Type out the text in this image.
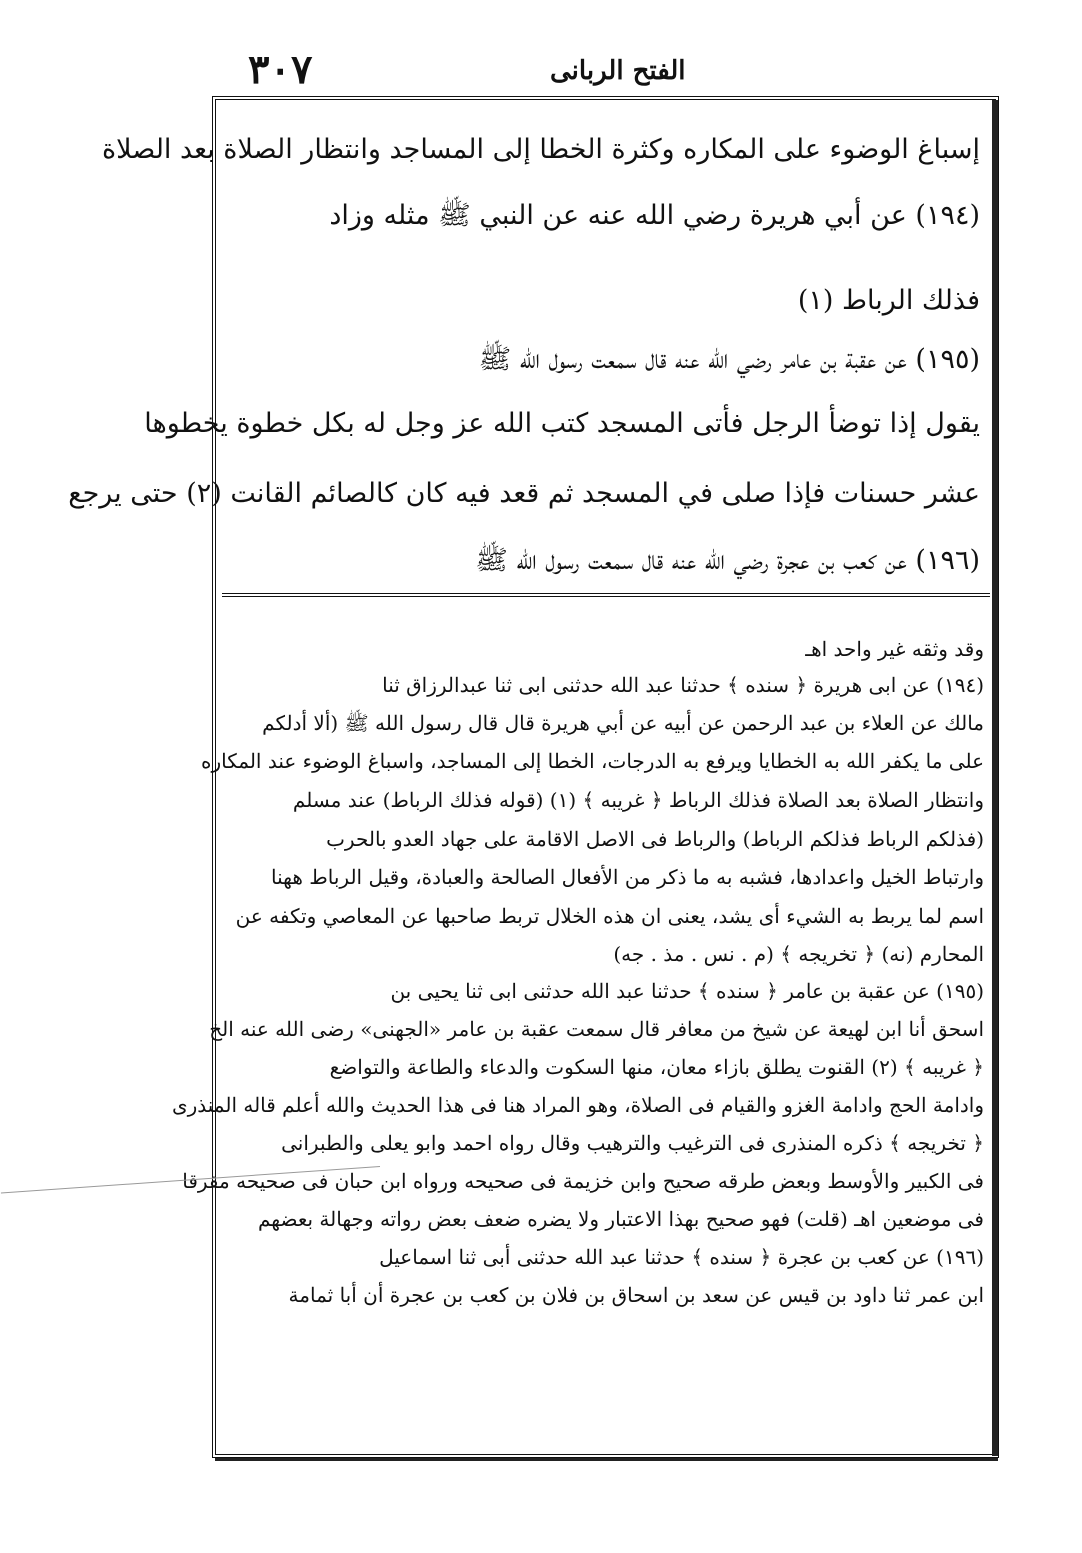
٣٠٧	الفتح الربانى
إسباغ الوضوء على المكاره وكثرة الخطا إلى المساجد وانتظار الصلاة بعد الصلاة
(١٩٤) عن أبي هريرة رضي الله عنه عن النبي ﷺ مثله وزاد
فذلك الرباط (١)
(١٩٥) عن عقبة بن عامر رضي الله عنه قال سمعت رسول الله ﷺ
يقول إذا توضأ الرجل فأتى المسجد كتب الله عز وجل له بكل خطوة يخطوها
عشر حسنات فإذا صلى في المسجد ثم قعد فيه كان كالصائم القانت (٢) حتى يرجع
(١٩٦) عن كعب بن عجرة رضي الله عنه قال سمعت رسول الله ﷺ
وقد وثقه غير واحد اهـ
(١٩٤) عن ابى هريرة ﴿ سنده ﴾ حدثنا عبد الله حدثنى ابى ثنا عبدالرزاق ثنا
مالك عن العلاء بن عبد الرحمن عن أبيه عن أبي هريرة قال قال رسول الله ﷺ (ألا أدلكم
على ما يكفر الله به الخطايا ويرفع به الدرجات، الخطا إلى المساجد، واسباغ الوضوء عند المكاره
وانتظار الصلاة بعد الصلاة فذلك الرباط ﴿ غريبه ﴾ (١) (قوله فذلك الرباط) عند مسلم
(فذلكم الرباط فذلكم الرباط) والرباط فى الاصل الاقامة على جهاد العدو بالحرب
وارتباط الخيل واعدادها، فشبه به ما ذكر من الأفعال الصالحة والعبادة، وقيل الرباط ههنا
اسم لما يربط به الشيء أى يشد، يعنى ان هذه الخلال تربط صاحبها عن المعاصي وتكفه عن
المحارم (نه) ﴿ تخريجه ﴾ (م . نس . مذ . جه)
(١٩٥) عن عقبة بن عامر ﴿ سنده ﴾ حدثنا عبد الله حدثنى ابى ثنا يحيى بن
اسحق أنا ابن لهيعة عن شيخ من معافر قال سمعت عقبة بن عامر «الجهنى» رضى الله عنه الخ
﴿ غريبه ﴾ (٢) القنوت يطلق بازاء معان، منها السكوت والدعاء والطاعة والتواضع
وادامة الحج وادامة الغزو والقيام فى الصلاة، وهو المراد هنا فى هذا الحديث والله أعلم قاله المنذرى
﴿ تخريجه ﴾ ذكره المنذرى فى الترغيب والترهيب وقال رواه احمد وابو يعلى والطبرانى
فى الكبير والأوسط وبعض طرقه صحيح وابن خزيمة فى صحيحه ورواه ابن حبان فى صحيحه مفرقا
فى موضعين اهـ (قلت) فهو صحيح بهذا الاعتبار ولا يضره ضعف بعض رواته وجهالة بعضهم
(١٩٦) عن كعب بن عجرة ﴿ سنده ﴾ حدثنا عبد الله حدثنى أبى ثنا اسماعيل
ابن عمر ثنا داود بن قيس عن سعد بن اسحاق بن فلان بن كعب بن عجرة أن أبا ثمامة
